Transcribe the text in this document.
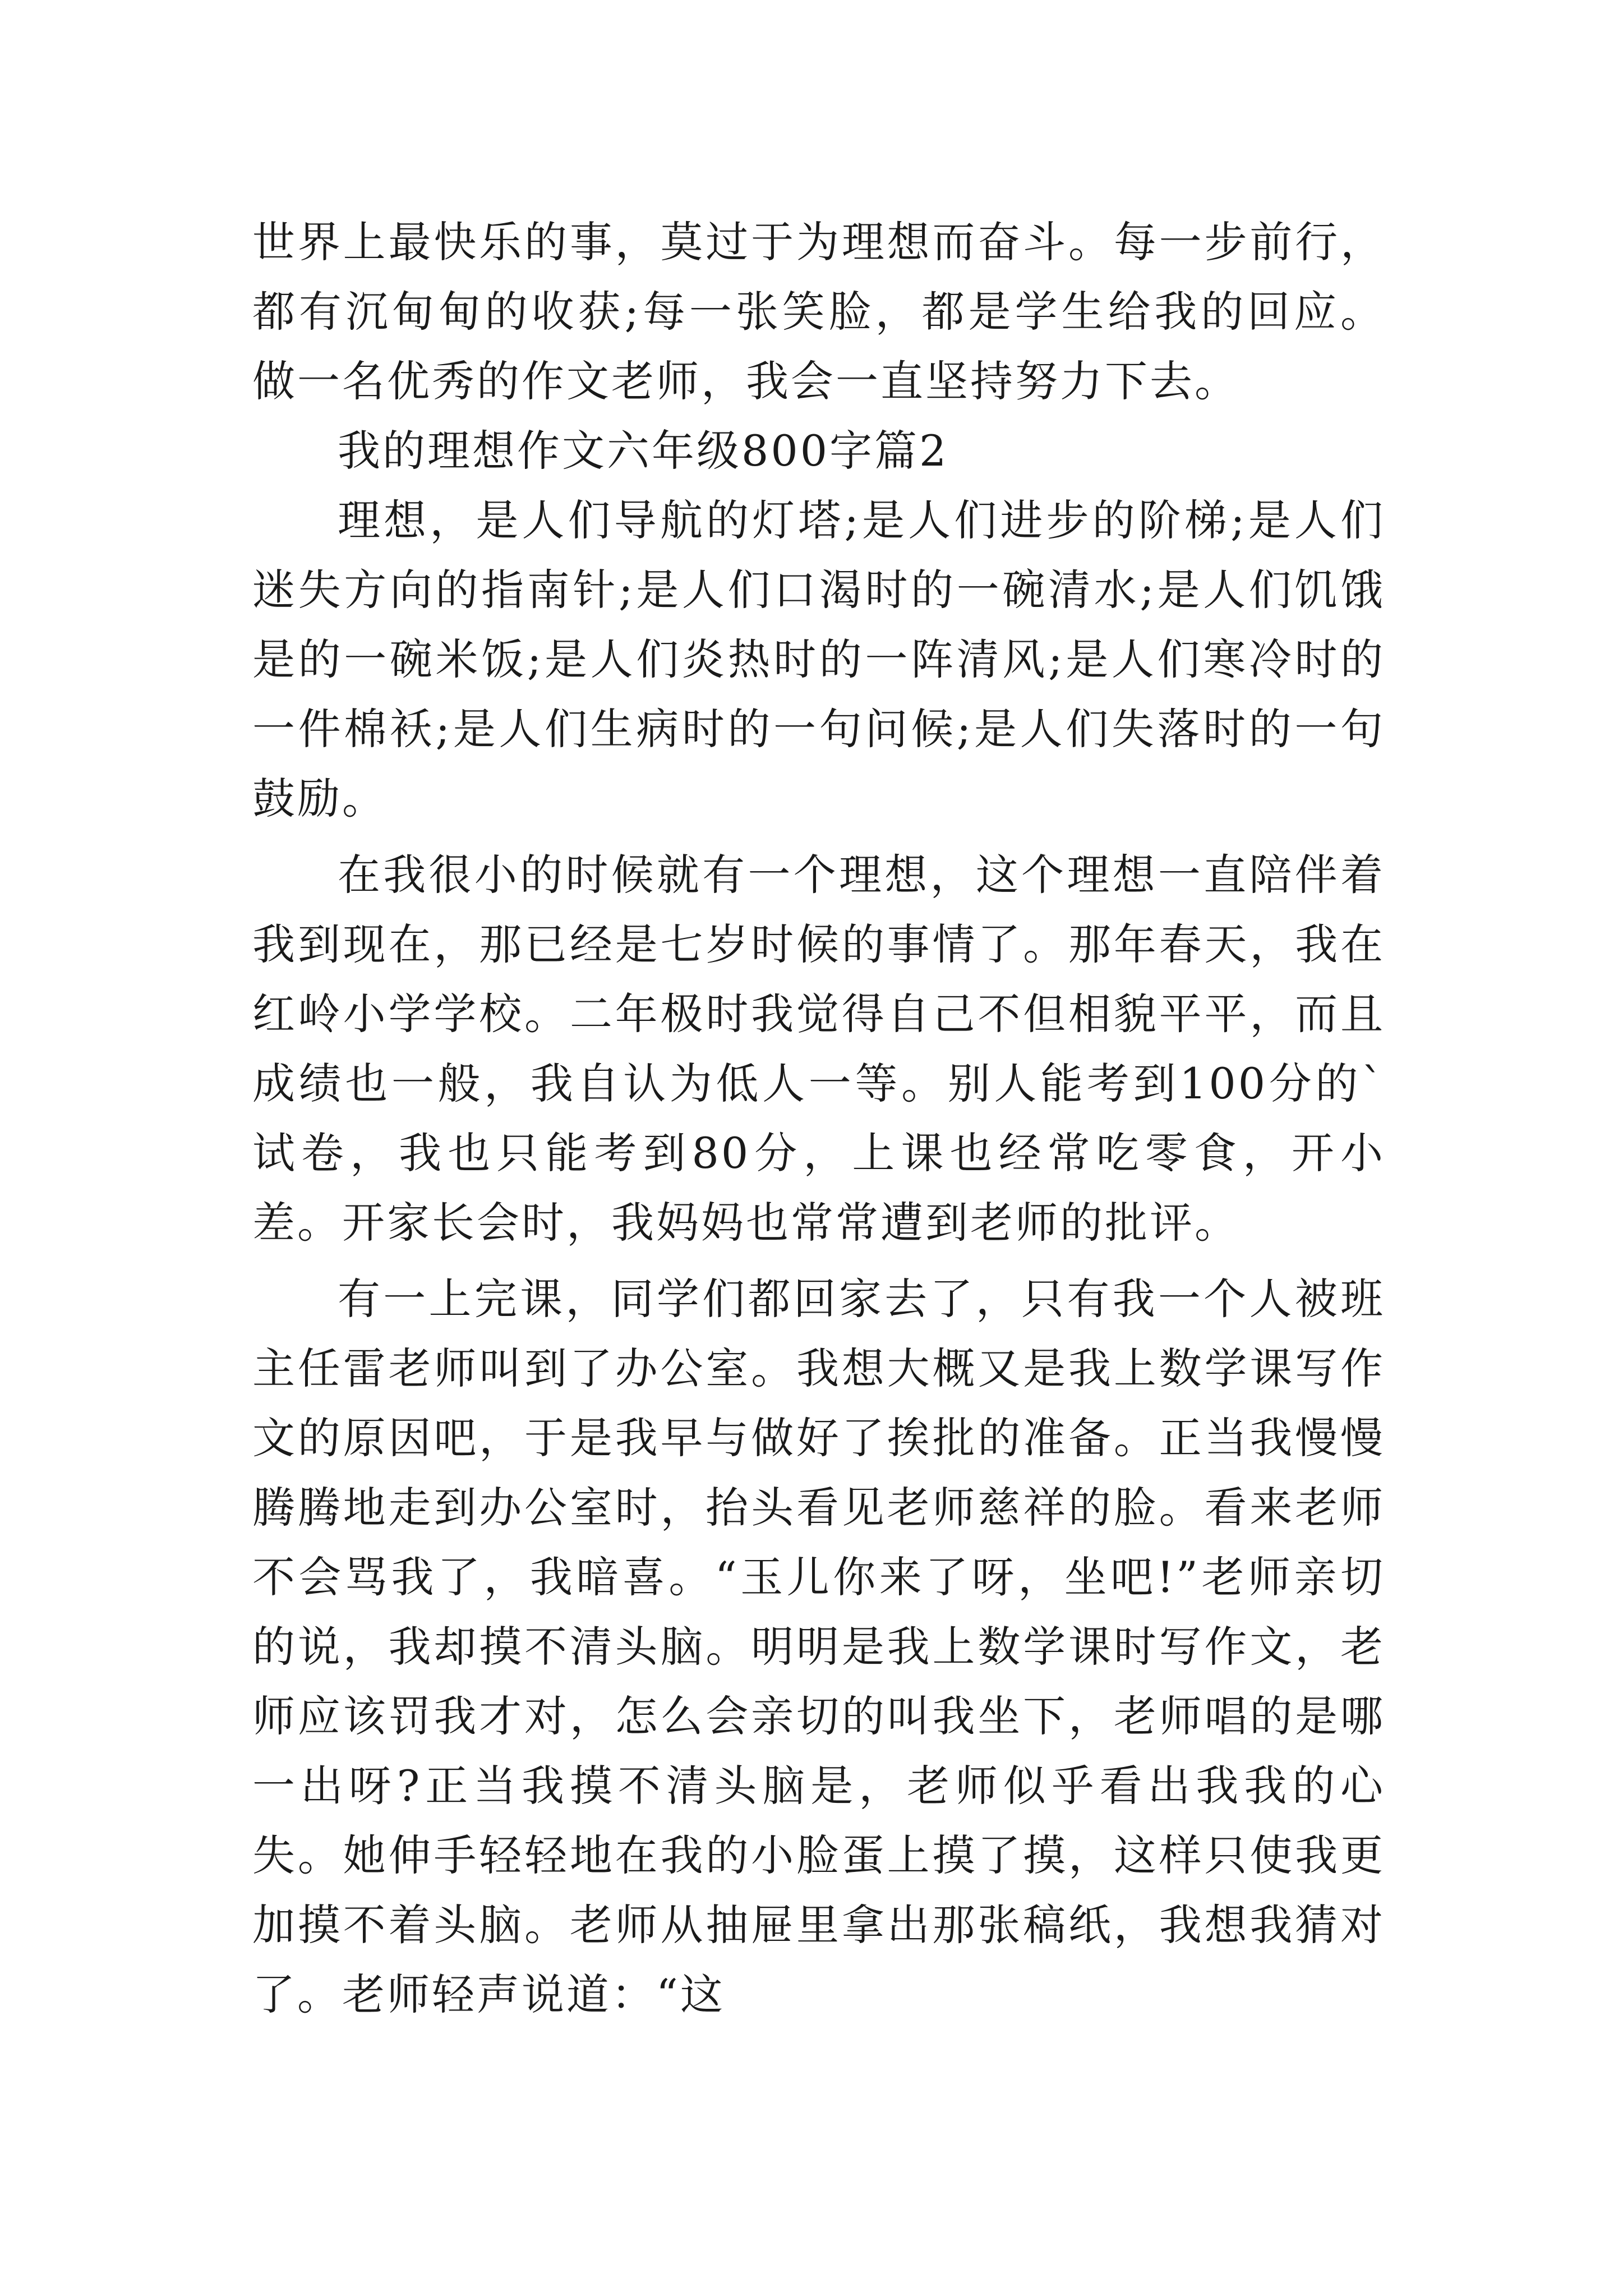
世界上最快乐的事，莫过于为理想而奋斗。每一步前行，都有沉甸甸的收获;每一张笑脸，都是学生给我的回应。做一名优秀的作文老师，我会一直坚持努力下去。

我的理想作文六年级800字篇2

理想，是人们导航的灯塔;是人们进步的阶梯;是人们迷失方向的指南针;是人们口渴时的一碗清水;是人们饥饿是的一碗米饭;是人们炎热时的一阵清风;是人们寒冷时的一件棉袄;是人们生病时的一句问候;是人们失落时的一句鼓励。

在我很小的时候就有一个理想，这个理想一直陪伴着我到现在，那已经是七岁时候的事情了。那年春天，我在红岭小学学校。二年极时我觉得自己不但相貌平平，而且成绩也一般，我自认为低人一等。别人能考到100分的`试卷，我也只能考到80分，上课也经常吃零食，开小差。开家长会时，我妈妈也常常遭到老师的批评。

有一上完课，同学们都回家去了，只有我一个人被班主任雷老师叫到了办公室。我想大概又是我上数学课写作文的原因吧，于是我早与做好了挨批的准备。正当我慢慢腾腾地走到办公室时，抬头看见老师慈祥的脸。看来老师不会骂我了，我暗喜。“玉儿你来了呀，坐吧!”老师亲切的说，我却摸不清头脑。明明是我上数学课时写作文，老师应该罚我才对，怎么会亲切的叫我坐下，老师唱的是哪一出呀?正当我摸不清头脑是，老师似乎看出我我的心失。她伸手轻轻地在我的小脸蛋上摸了摸，这样只使我更加摸不着头脑。老师从抽屉里拿出那张稿纸，我想我猜对了。老师轻声说道：“这
